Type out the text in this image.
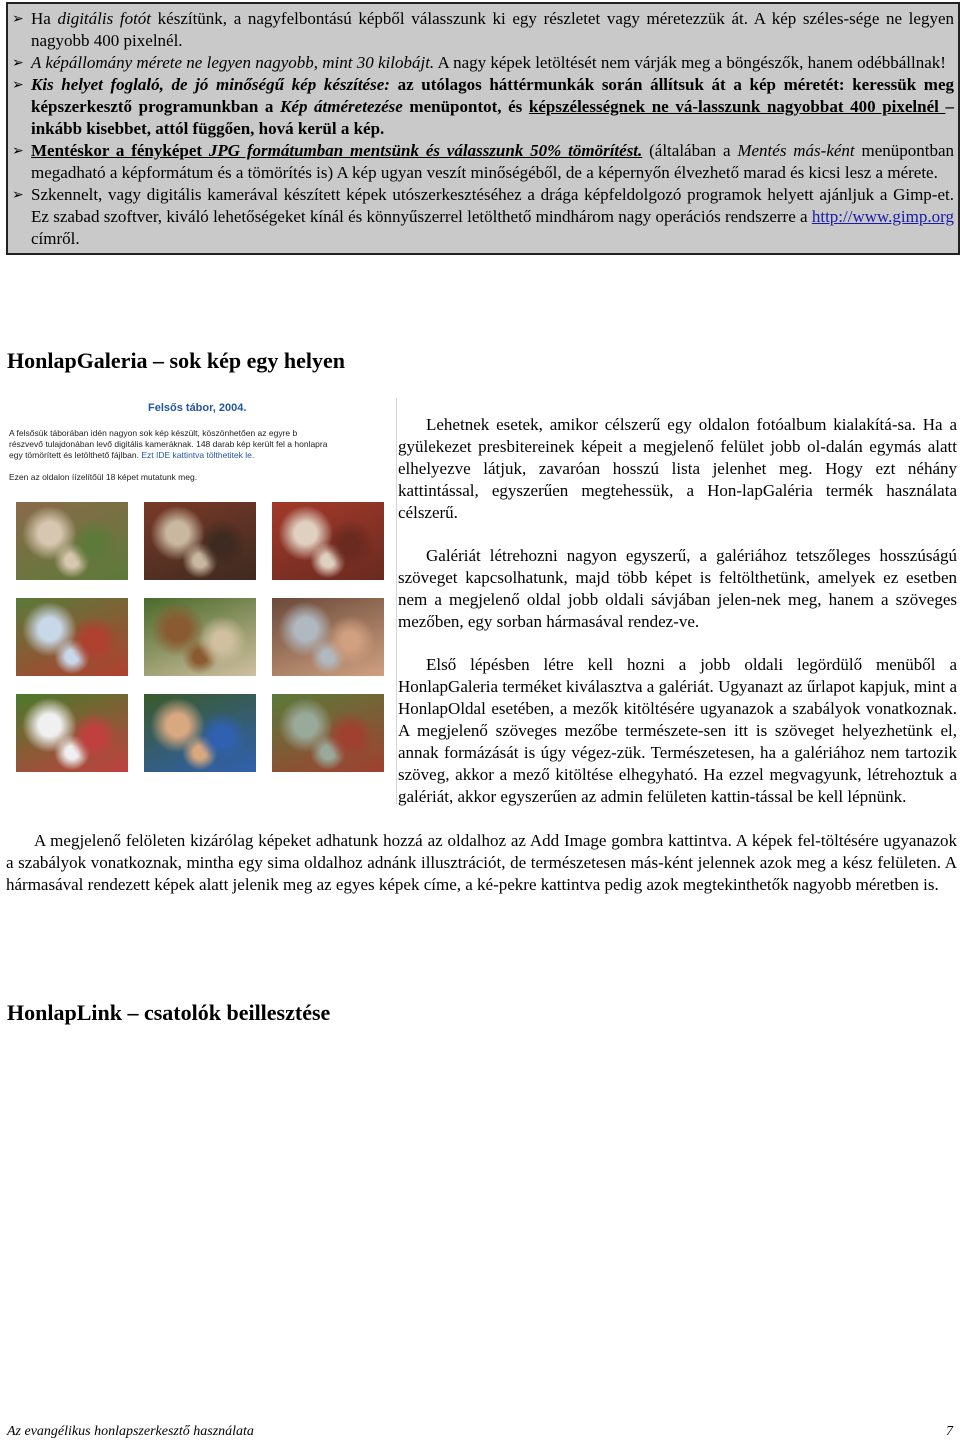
➢ Ha digitális fotót készítünk, a nagyfelbontású képből válasszunk ki egy részletet vagy méretezzük át. A kép széles-sége ne legyen nagyobb 400 pixelnél.

➢ A képállomány mérete ne legyen nagyobb, mint 30 kilobájt. A nagy képek letöltését nem várják meg a böngészők, hanem odébbállnak!

➢ Kis helyet foglaló, de jó minőségű kép készítése: az utólagos háttérmunkák során állítsuk át a kép méretét: keressük meg képszerkesztő programunkban a Kép átméretezése menüpontot, és képszélességnek ne vá-lasszunk nagyobbat 400 pixelnél – inkább kisebbet, attól függően, hová kerül a kép.

➢ Mentéskor a fényképet JPG formátumban mentsünk és válasszunk 50% tömörítést. (általában a Mentés más-ként menüpontban megadható a képformátum és a tömörítés is) A kép ugyan veszít minőségéből, de a képernyőn élvezhető marad és kicsi lesz a mérete.

➢ Szkennelt, vagy digitális kamerával készített képek utószerkesztéséhez a drága képfeldolgozó programok helyett ajánljuk a Gimp-et. Ez szabad szoftver, kiváló lehetőségeket kínál és könnyűszerrel letölthető mindhárom nagy operációs rendszerre a http://www.gimp.org címről.

HonlapGaleria – sok kép egy helyen

Lehetnek esetek, amikor célszerű egy oldalon fotóalbum kialakítá-sa. Ha a gyülekezet presbitereinek képeit a megjelenő felület jobb ol-dalán egymás alatt elhelyezve látjuk, zavaróan hosszú lista jelenhet meg. Hogy ezt néhány kattintással, egyszerűen megtehessük, a Hon-lapGaléria termék használata célszerű.

Galériát létrehozni nagyon egyszerű, a galériához tetszőleges hosszúságú szöveget kapcsolhatunk, majd több képet is feltölthetünk, amelyek ez esetben nem a megjelenő oldal jobb oldali sávjában jelen-nek meg, hanem a szöveges mezőben, egy sorban hármasával rendez-ve.

Első lépésben létre kell hozni a jobb oldali legördülő menüből a HonlapGaleria terméket kiválasztva a galériát. Ugyanazt az űrlapot kapjuk, mint a HonlapOldal esetében, a mezők kitöltésére ugyanazok a szabályok vonatkoznak. A megjelenő szöveges mezőbe természete-sen itt is szöveget helyezhetünk el, annak formázását is úgy végez-zük. Természetesen, ha a galériához nem tartozik szöveg, akkor a mező kitöltése elhegyható. Ha ezzel megvagyunk, létrehoztuk a galériát, akkor egyszerűen az admin felületen kattin-tással be kell lépnünk.

A megjelenő felöleten kizárólag képeket adhatunk hozzá az oldalhoz az Add Image gombra kattintva. A képek fel-töltésére ugyanazok a szabályok vonatkoznak, mintha egy sima oldalhoz adnánk illusztrációt, de természetesen más-ként jelennek azok meg a kész felületen. A hármasával rendezett képek alatt jelenik meg az egyes képek címe, a ké-pekre kattintva pedig azok megtekinthetők nagyobb méretben is.

Felsős tábor, 2004.
A felsősük táborában idén nagyon sok kép készült, köszönhetően az egyre b
részvevő tulajdonában levő digitális kameráknak. 148 darab kép került fel a honlapra
egy tömörített és letölthető fájlban. Ezt IDE kattintva tölthetitek le.
Ezen az oldalon íízelítőül 18 képet mutatunk meg.
HonlapLink – csatolók beillesztése
Az evangélikus honlapszerkesztő használata	7
